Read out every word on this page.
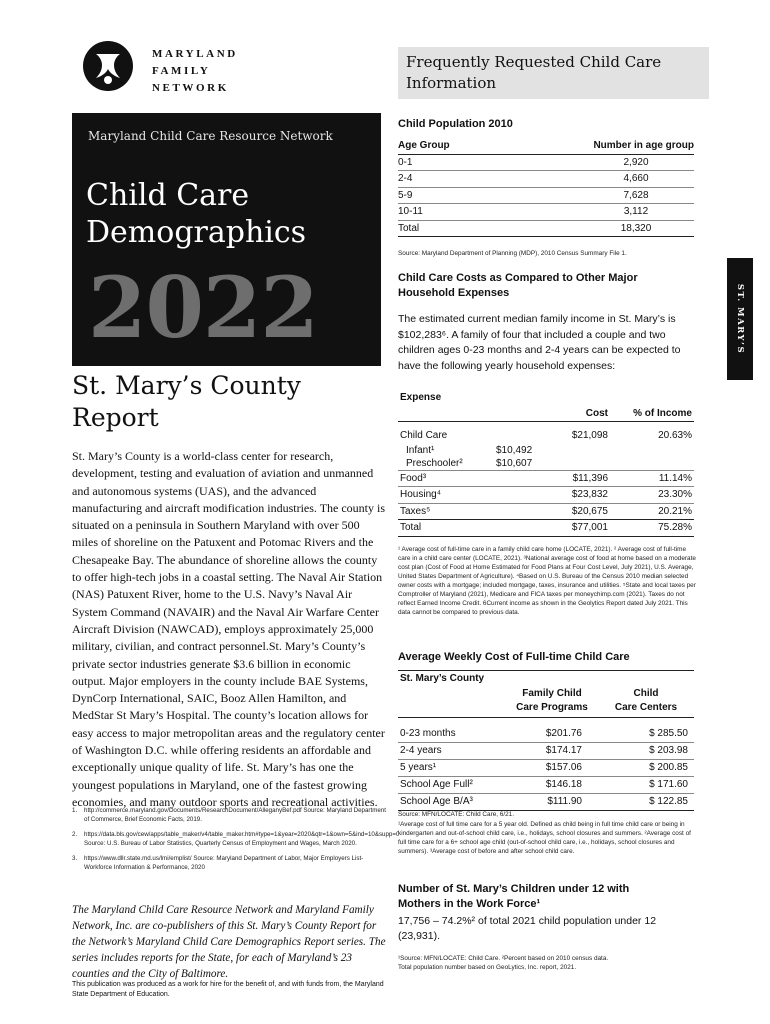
MARYLAND
FAMILY
NETWORK
Maryland Child Care Resource Network
Child Care
Demographics
2022
St. Mary’s County
Report
St. Mary’s County is a world-class center for research, development, testing and evaluation of aviation and unmanned and autonomous systems (UAS), and the advanced manufacturing and aircraft modification industries. The county is situated on a peninsula in Southern Maryland with over 500 miles of shoreline on the Patuxent and Potomac Rivers and the Chesapeake Bay. The abundance of shoreline allows the county to offer high-tech jobs in a coastal setting. The Naval Air Station (NAS) Patuxent River, home to the U.S. Navy’s Naval Air System Command (NAVAIR) and the Naval Air Warfare Center Aircraft Division (NAWCAD), employs approximately 25,000 military, civilian, and contract personnel.St. Mary’s County’s private sector industries generate $3.6 billion in economic output. Major employers in the county include BAE Systems, DynCorp International, SAIC, Booz Allen Hamilton, and MedStar St Mary’s Hospital. The county’s location allows for easy access to major metropolitan areas and the regulatory center of Washington D.C. while offering residents an affordable and exceptionally unique quality of life. St. Mary’s has one the youngest populations in Maryland, one of the fastest growing economies, and many outdoor sports and recreational activities.
1.	http://commerce.maryland.gov/Documents/ResearchDocument/AlleganyBef.pdf Source: Maryland Department of Commerce, Brief Economic Facts, 2019.
2.	https://data.bls.gov/cew/apps/table_maker/v4/table_maker.htm#type=1&year=2020&qtr=1&own=5&ind=10&supp=0 Source: U.S. Bureau of Labor Statistics, Quarterly Census of Employment and Wages, March 2020.
3.	https://www.dllr.state.md.us/lmi/emplist/ Source: Maryland Department of Labor, Major Employers List- Workforce Information & Performance, 2020
The Maryland Child Care Resource Network and Maryland Family Network, Inc. are co-publishers of this St. Mary’s County Report for the Network’s Maryland Child Care Demographics Report series. The series includes reports for the State, for each of Maryland’s 23 counties and the City of Baltimore.
This publication was produced as a work for hire for the benefit of, and with funds from, the Maryland State Department of Education.
Frequently Requested Child Care
Information
ST. MARY’S
Child Population 2010
Age Group	Number in age group
0-1	2,920
2-4	4,660
5-9	7,628
10-11	3,112
Total	18,320
Source: Maryland Department of Planning (MDP), 2010 Census Summary File 1.
Child Care Costs as Compared to Other Major
Household Expenses
The estimated current median family income in St. Mary’s is $102,283⁶. A family of four that included a couple and two children ages 0-23 months and 2-4 years can be expected to have the following yearly household expenses:
Expense
Cost	% of Income
Child Care	$21,098	20.63%
Infant¹	$10,492
Preschooler²	$10,607
Food³	$11,396	11.14%
Housing⁴	$23,832	23.30%
Taxes⁵	$20,675	20.21%
Total	$77,001	75.28%
¹ Average cost of full-time care in a family child care home (LOCATE, 2021). ² Average cost of full-time care in a child care center (LOCATE, 2021). ³National average cost of food at home based on a moderate cost plan (Cost of Food at Home Estimated for Food Plans at Four Cost Level, July 2021), U.S. Average, United States Department of Agriculture). ⁴Based on U.S. Bureau of the Census 2010 median selected owner costs with a mortgage; included mortgage, taxes, insurance and utilities. ⁵State and local taxes per Comptroller of Maryland (2021), Medicare and FICA taxes per moneychimp.com (2021). Taxes do not reflect Earned Income Credit. 6Current income as shown in the Geolytics Report dated July 2021. This data cannot be compared to previous data.
Average Weekly Cost of Full-time Child Care
St. Mary’s County
Family Child
Care Programs
Child
Care Centers
0-23 months	$201.76	$ 285.50
2-4 years	$174.17	$ 203.98
5 years¹	$157.06	$ 200.85
School Age Full²	$146.18	$ 171.60
School Age B/A³	$111.90	$ 122.85
Source: MFN/LOCATE: Child Care, 6/21.
¹Average cost of full time care for a 5 year old. Defined as child being in full time child care or being in kindergarten and out-of-school child care, i.e., holidays, school closures and summers. ²Average cost of full time care for a 6+ school age child (out-of-school child care, i.e., holidays, school closures and summers). ³Average cost of before and after school child care.
Number of St. Mary’s Children under 12 with
Mothers in the Work Force¹
17,756 – 74.2%² of total 2021 child population under 12 (23,931).
¹Source: MFN/LOCATE: Child Care. ²Percent based on 2010 census data.
Total population number based on GeoLytics, Inc. report, 2021.
